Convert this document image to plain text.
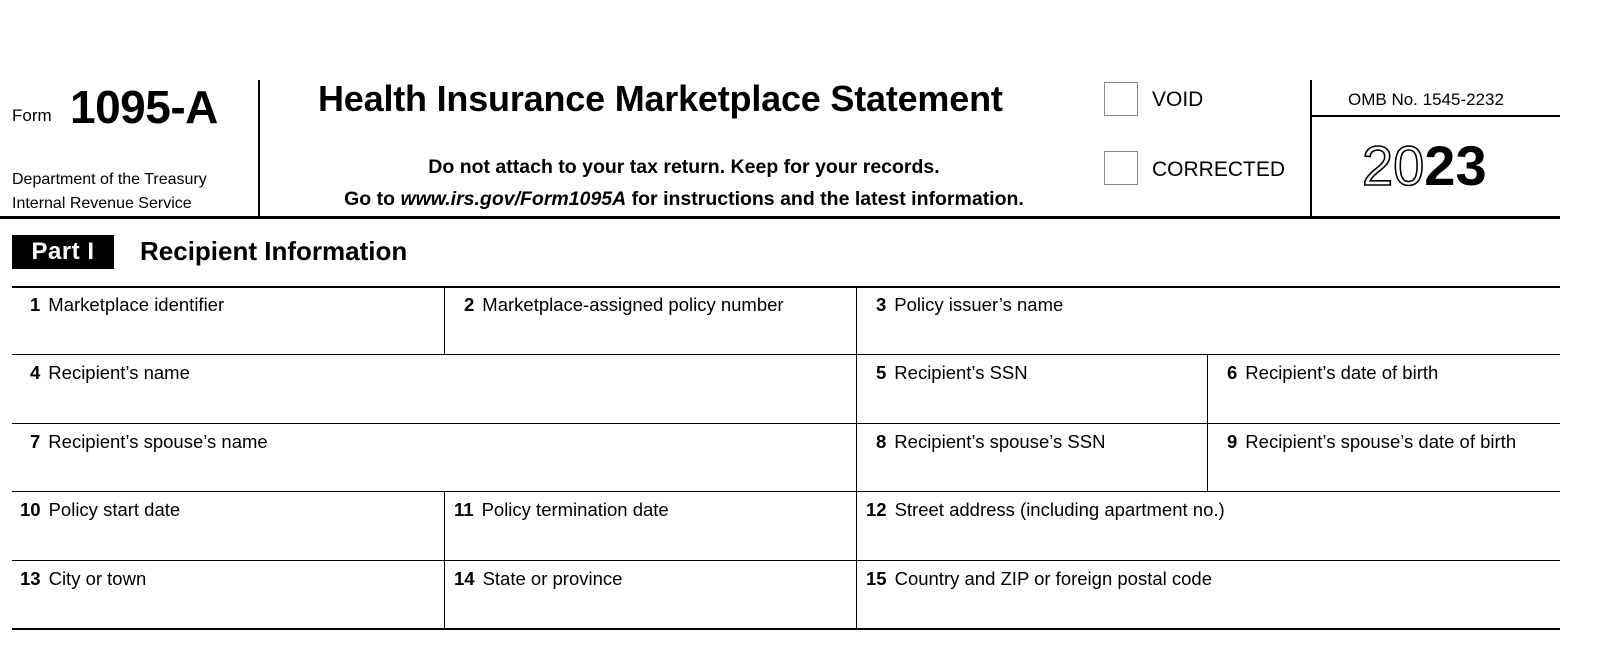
Form 1095-A
Department of the Treasury
Internal Revenue Service
Health Insurance Marketplace Statement
Do not attach to your tax return. Keep for your records.
Go to www.irs.gov/Form1095A for instructions and the latest information.
VOID
CORRECTED
OMB No. 1545-2232
2023
Part I	Recipient Information
1 Marketplace identifier	2 Marketplace-assigned policy number	3 Policy issuer’s name
4 Recipient’s name	5 Recipient’s SSN	6 Recipient’s date of birth
7 Recipient’s spouse’s name	8 Recipient’s spouse’s SSN	9 Recipient’s spouse’s date of birth
10 Policy start date	11 Policy termination date	12 Street address (including apartment no.)
13 City or town	14 State or province	15 Country and ZIP or foreign postal code
